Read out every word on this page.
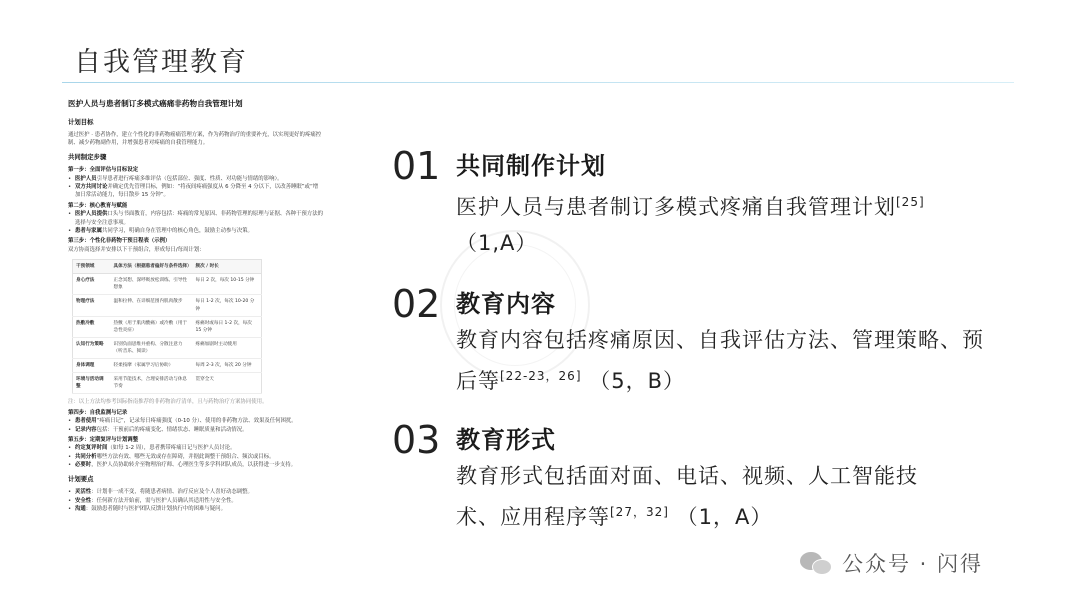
自我管理教育
医护人员与患者制订多模式癌痛非药物自我管理计划
计划目标
通过医护 · 患者协作，建立个性化的非药物癌痛管理方案，作为药物治疗的重要补充，以实现更好的疼痛控制、减少药物副作用，并增强患者对疼痛的自我管理能力。
共同制定步骤
第一步：全面评估与目标设定
• 医护人员引导患者进行疼痛多维评估（包括部位、强度、性质、对功能与情绪的影响）。
• 双方共同讨论并确定优先管理目标，例如：“将夜间疼痛强度从 6 分降至 4 分以下，以改善睡眠”或“增加日常活动能力，每日散步 15 分钟”。
第二步：核心教育与赋能
• 医护人员提供口头与书面教育，内容包括：疼痛的常见原因、非药物管理的原理与证据、各种干预方法的选择与安全注意事项。
• 患者与家属共同学习，明确自身在管理中的核心角色，鼓励主动参与决策。
第三步：个性化非药物干预日程表（示例）
双方协商选择并安排以下干预组合，形成每日/每周计划：
干预领域	具体方法（根据患者偏好与条件选择）	频次 / 时长
身心疗法	正念冥想、深呼吸放松训练、引导性想象	每日 2 次，每次 10-15 分钟
物理疗法	温和拉伸、在详细范围内肌肉散步	每日 1-2 次，每次 10-20 分钟
热敷冷敷	热敷（用于肌肉酸痛）或冷敷（用于急性炎症）	疼痛时或每日 1-2 次，每次 15 分钟
认知行为策略	识别负面思维并重构、分散注意力（听音乐、阅读）	疼痛加剧时主动使用
身体调理	轻柔按摩（家属学习后协助）	每周 2-3 次，每次 20 分钟
环境与活动调整	采用节能技术，合理安排活动与休息节奏	贯穿全天
注：以上方法均参考国际指南推荐的非药物治疗清单，且与药物治疗方案协同使用。
第四步：自我监测与记录
• 患者使用“疼痛日记”，记录每日疼痛强度（0-10 分）、使用的非药物方法、效果及任何困扰。
• 记录内容包括：干预前后的疼痛变化、情绪状态、睡眠质量和活动情况。
第五步：定期复评与计划调整
• 约定复评时间（如每 1-2 周），患者携带疼痛日记与医护人员讨论。
• 共同分析哪些方法有效、哪些无效或存在障碍，并据此调整干预组合、频次或目标。
• 必要时，医护人员协助转介至物理治疗师、心理医生等多学科团队成员，以获得进一步支持。
计划要点
• 灵活性：计划非一成不变，将随患者病情、治疗反应及个人喜好动态调整。
• 安全性：任何新方法开始前，需与医护人员确认其适用性与安全性。
• 沟通：鼓励患者随时与医护团队反馈计划执行中的困难与疑问。
01 共同制作计划
医护人员与患者制订多模式疼痛自我管理计划[25] （1,A）
02 教育内容
教育内容包括疼痛原因、自我评估方法、管理策略、预后等[22-23，26] （5，B）
03 教育形式
教育形式包括面对面、电话、视频、人工智能技术、应用程序等[27，32] （1，A）
公众号 · 闪得
